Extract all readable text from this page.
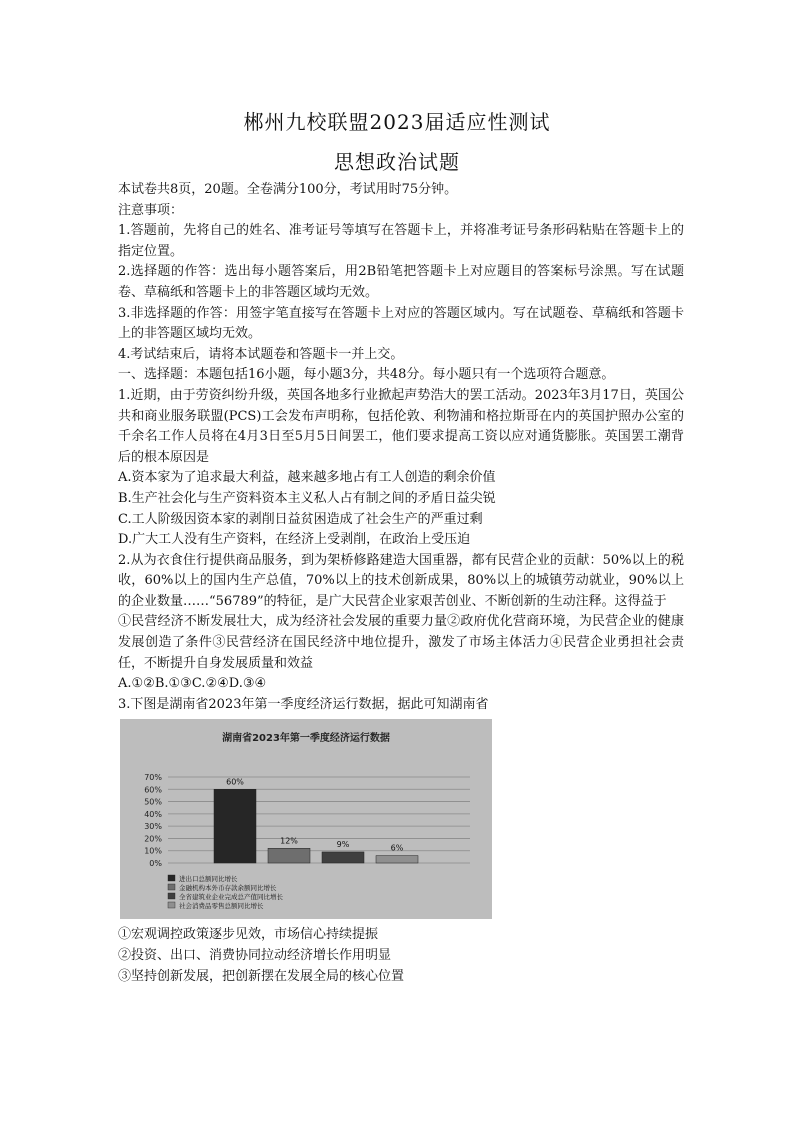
郴州九校联盟2023届适应性测试
思想政治试题

本试卷共8页，20题。全卷满分100分，考试用时75分钟。

注意事项：

1.答题前，先将自己的姓名、准考证号等填写在答题卡上，并将准考证号条形码粘贴在答题卡上的指定位置。

2.选择题的作答：选出每小题答案后，用2B铅笔把答题卡上对应题目的答案标号涂黑。写在试题卷、草稿纸和答题卡上的非答题区域均无效。

3.非选择题的作答：用签字笔直接写在答题卡上对应的答题区域内。写在试题卷、草稿纸和答题卡上的非答题区域均无效。

4.考试结束后，请将本试题卷和答题卡一并上交。

一、选择题：本题包括16小题，每小题3分，共48分。每小题只有一个选项符合题意。

1.近期，由于劳资纠纷升级，英国各地多行业掀起声势浩大的罢工活动。2023年3月17日，英国公共和商业服务联盟(PCS)工会发布声明称，包括伦敦、利物浦和格拉斯哥在内的英国护照办公室的千余名工作人员将在4月3日至5月5日间罢工，他们要求提高工资以应对通货膨胀。英国罢工潮背后的根本原因是

A.资本家为了追求最大利益，越来越多地占有工人创造的剩余价值

B.生产社会化与生产资料资本主义私人占有制之间的矛盾日益尖锐

C.工人阶级因资本家的剥削日益贫困造成了社会生产的严重过剩

D.广大工人没有生产资料，在经济上受剥削，在政治上受压迫

2.从为衣食住行提供商品服务，到为架桥修路建造大国重器，都有民营企业的贡献：50%以上的税收，60%以上的国内生产总值，70%以上的技术创新成果，80%以上的城镇劳动就业，90%以上的企业数量……“56789”的特征，是广大民营企业家艰苦创业、不断创新的生动注释。这得益于

①民营经济不断发展壮大，成为经济社会发展的重要力量②政府优化营商环境，为民营企业的健康发展创造了条件③民营经济在国民经济中地位提升，激发了市场主体活力④民营企业勇担社会责任，不断提升自身发展质量和效益

A.①②B.①③C.②④D.③④

3.下图是湖南省2023年第一季度经济运行数据，据此可知湖南省

湖南省2023年第一季度经济运行数据
70%
60%
50%
40%
30%
20%
10%
0%
60%
12%	9%	6%
进出口总额同比增长
金融机构本外币存款余额同比增长
全省建筑业企业完成总产值同比增长
社会消费品零售总额同比增长

①宏观调控政策逐步见效，市场信心持续提振

②投资、出口、消费协同拉动经济增长作用明显

③坚持创新发展，把创新摆在发展全局的核心位置
